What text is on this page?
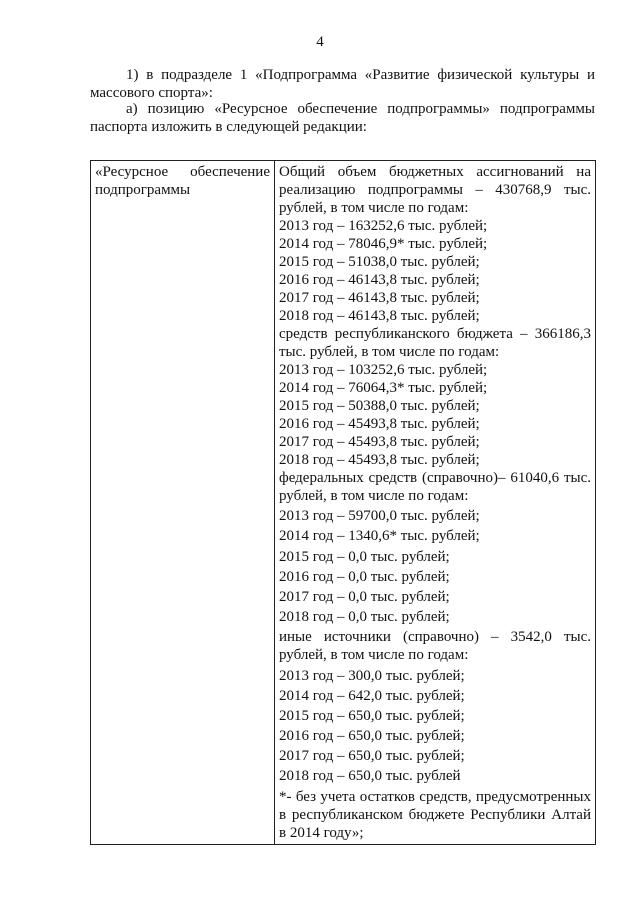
4
1) в подразделе 1 «Подпрограмма «Развитие физической культуры и массового спорта»:
а) позицию «Ресурсное обеспечение подпрограммы» подпрограммы паспорта изложить в следующей редакции:
«Ресурсное обеспечение подпрограммы	Общий объем бюджетных ассигнований на реализацию подпрограммы – 430768,9 тыс. рублей, в том числе по годам:
2013 год – 163252,6 тыс. рублей;
2014 год – 78046,9* тыс. рублей;
2015 год – 51038,0 тыс. рублей;
2016 год – 46143,8 тыс. рублей;
2017 год – 46143,8 тыс. рублей;
2018 год – 46143,8 тыс. рублей;
средств республиканского бюджета – 366186,3 тыс. рублей, в том числе по годам:
2013 год – 103252,6 тыс. рублей;
2014 год – 76064,3* тыс. рублей;
2015 год – 50388,0 тыс. рублей;
2016 год – 45493,8 тыс. рублей;
2017 год – 45493,8 тыс. рублей;
2018 год – 45493,8 тыс. рублей;
федеральных средств (справочно)– 61040,6 тыс. рублей, в том числе по годам:
2013 год – 59700,0 тыс. рублей;
2014 год – 1340,6* тыс. рублей;
2015 год – 0,0 тыс. рублей;
2016 год – 0,0 тыс. рублей;
2017 год – 0,0 тыс. рублей;
2018 год – 0,0 тыс. рублей;
иные источники (справочно) – 3542,0 тыс. рублей, в том числе по годам:
2013 год – 300,0 тыс. рублей;
2014 год – 642,0 тыс. рублей;
2015 год – 650,0 тыс. рублей;
2016 год – 650,0 тыс. рублей;
2017 год – 650,0 тыс. рублей;
2018 год – 650,0 тыс. рублей
*- без учета остатков средств, предусмотренных в республиканском бюджете Республики Алтай в 2014 году»;
